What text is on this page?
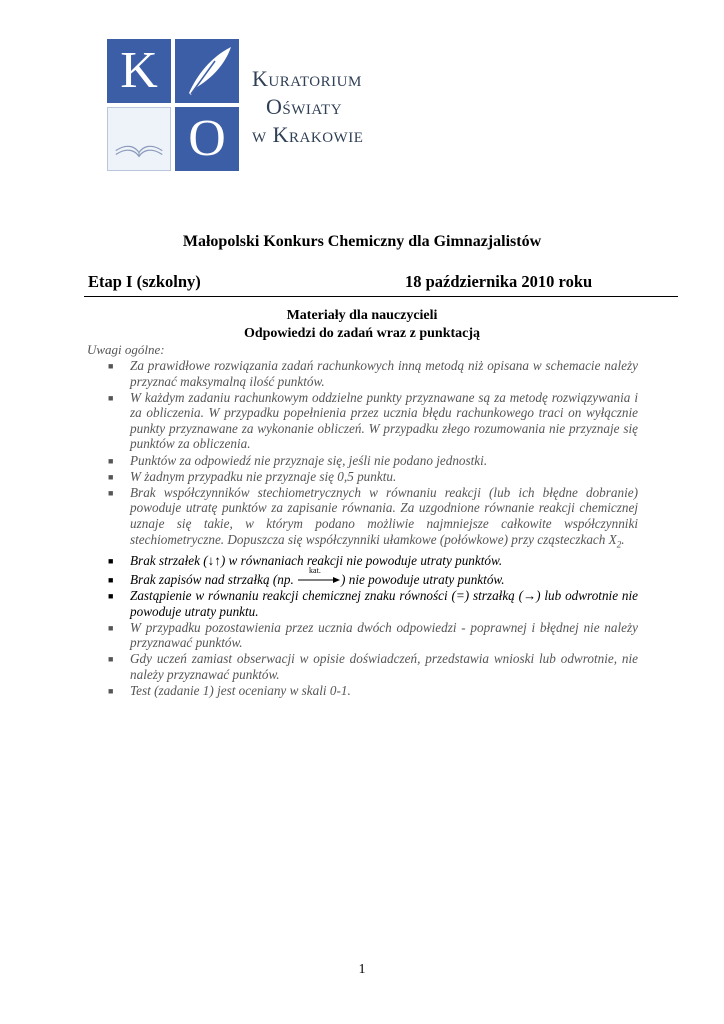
K
O
Kuratorium
Oświaty
w Krakowie
Małopolski Konkurs Chemiczny dla Gimnazjalistów
Etap I (szkolny)	18 października 2010 roku
Materiały dla nauczycieli
Odpowiedzi do zadań wraz z punktacją
Uwagi ogólne:
■ Za prawidłowe rozwiązania zadań rachunkowych inną metodą niż opisana w schemacie należy przyznać maksymalną ilość punktów.
■ W każdym zadaniu rachunkowym oddzielne punkty przyznawane są za metodę rozwiązywania i za obliczenia. W przypadku popełnienia przez ucznia błędu rachunkowego traci on wyłącznie punkty przyznawane za wykonanie obliczeń. W przypadku złego rozumowania nie przyznaje się punktów za obliczenia.
■ Punktów za odpowiedź nie przyznaje się, jeśli nie podano jednostki.
■ W żadnym przypadku nie przyznaje się 0,5 punktu.
■ Brak współczynników stechiometrycznych w równaniu reakcji (lub ich błędne dobranie) powoduje utratę punktów za zapisanie równania. Za uzgodnione równanie reakcji chemicznej uznaje się takie, w którym podano możliwie najmniejsze całkowite współczynniki stechiometryczne. Dopuszcza się współczynniki ułamkowe (połówkowe) przy cząsteczkach $X_2$.
■ Brak strzałek (↓↑) w równaniach reakcji nie powoduje utraty punktów.
■ Brak zapisów nad strzałką (np.
kat.
) nie powoduje utraty punktów.
■ Zastąpienie w równaniu reakcji chemicznej znaku równości (=) strzałką (→) lub odwrotnie nie powoduje utraty punktu.
■ W przypadku pozostawienia przez ucznia dwóch odpowiedzi - poprawnej i błędnej nie należy przyznawać punktów.
■ Gdy uczeń zamiast obserwacji w opisie doświadczeń, przedstawia wnioski lub odwrotnie, nie należy przyznawać punktów.
■ Test (zadanie 1) jest oceniany w skali 0-1.
1
